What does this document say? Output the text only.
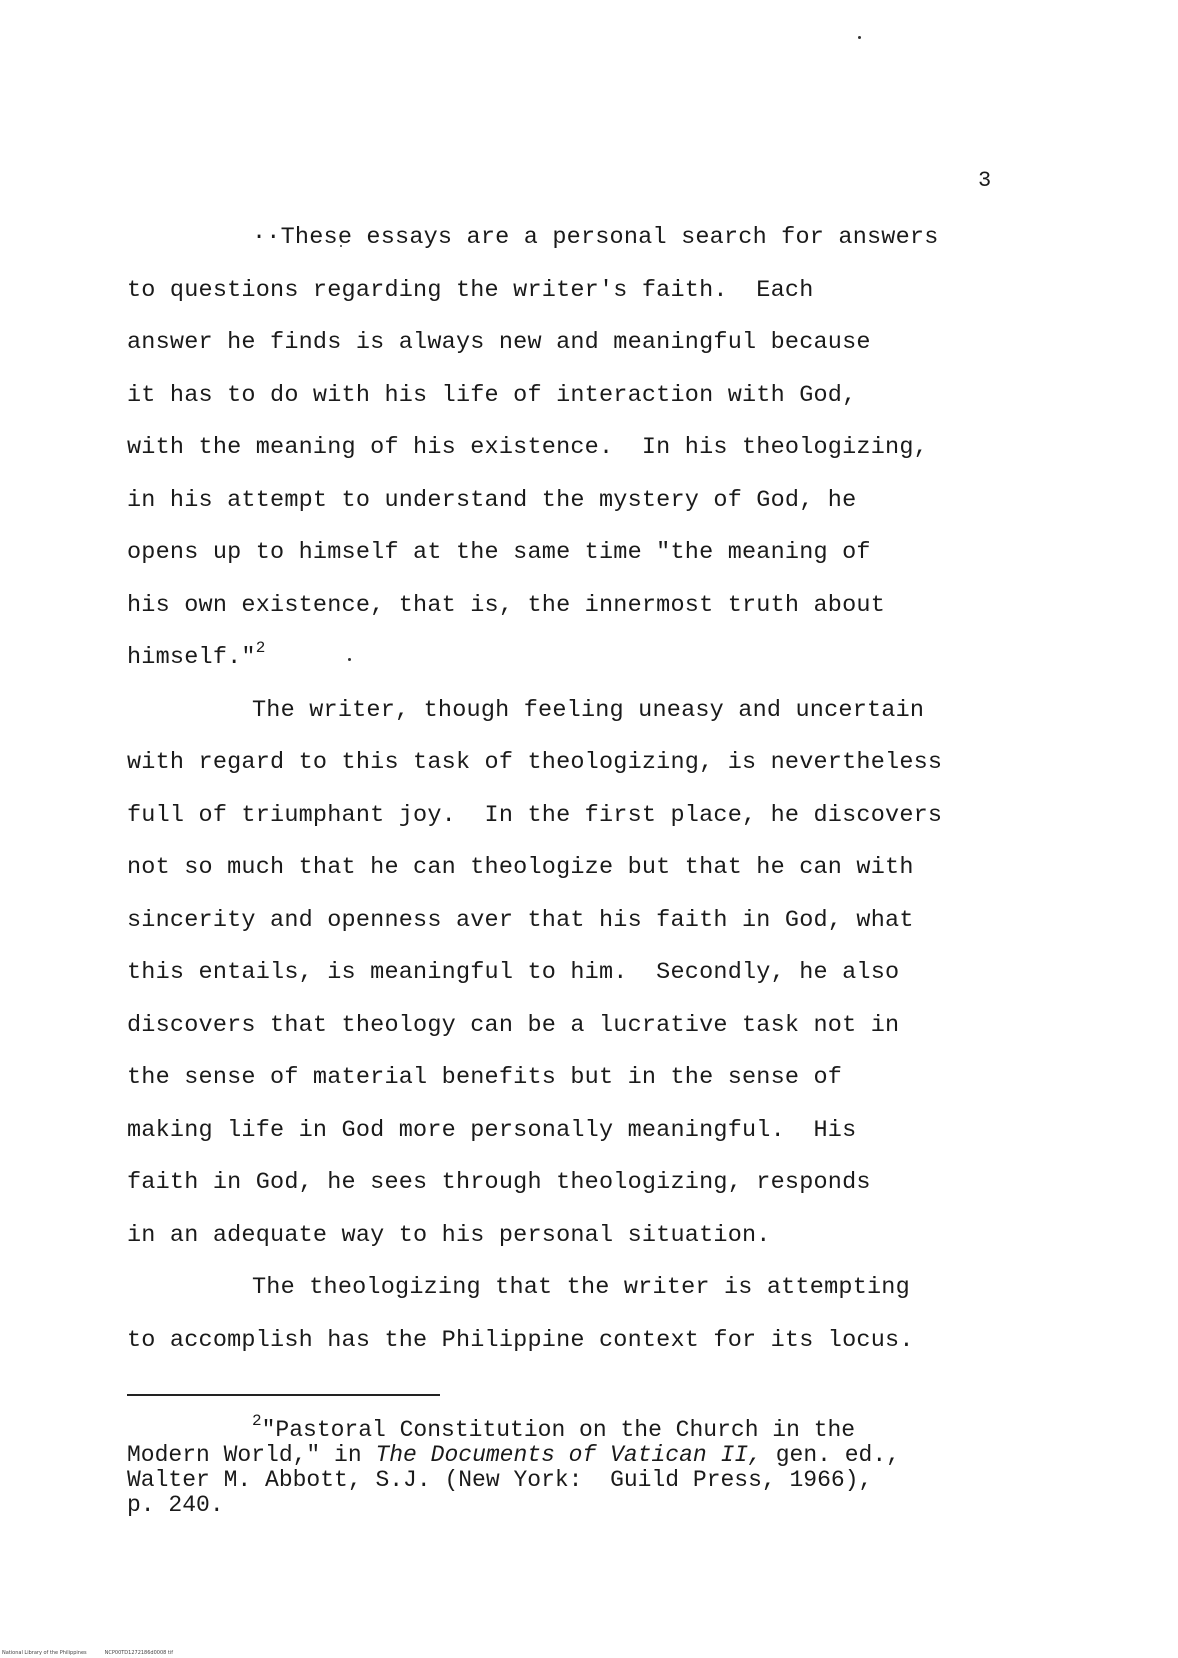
3
··These essays are a personal search for answers
to questions regarding the writer's faith.  Each
answer he finds is always new and meaningful because
it has to do with his life of interaction with God,
with the meaning of his existence.  In his theologizing,
in his attempt to understand the mystery of God, he
opens up to himself at the same time "the meaning of
his own existence, that is, the innermost truth about
himself."$^2$
The writer, though feeling uneasy and uncertain
with regard to this task of theologizing, is nevertheless
full of triumphant joy.  In the first place, he discovers
not so much that he can theologize but that he can with
sincerity and openness aver that his faith in God, what
this entails, is meaningful to him.  Secondly, he also
discovers that theology can be a lucrative task not in
the sense of material benefits but in the sense of
making life in God more personally meaningful.  His
faith in God, he sees through theologizing, responds
in an adequate way to his personal situation.
The theologizing that the writer is attempting
to accomplish has the Philippine context for its locus.
$^2$"Pastoral Constitution on the Church in the
Modern World," in The Documents of Vatican II, gen. ed.,
Walter M. Abbott, S.J. (New York:  Guild Press, 1966),
p. 240.
National Library of the Philippines	NCP00TD1272186d0008 tif
